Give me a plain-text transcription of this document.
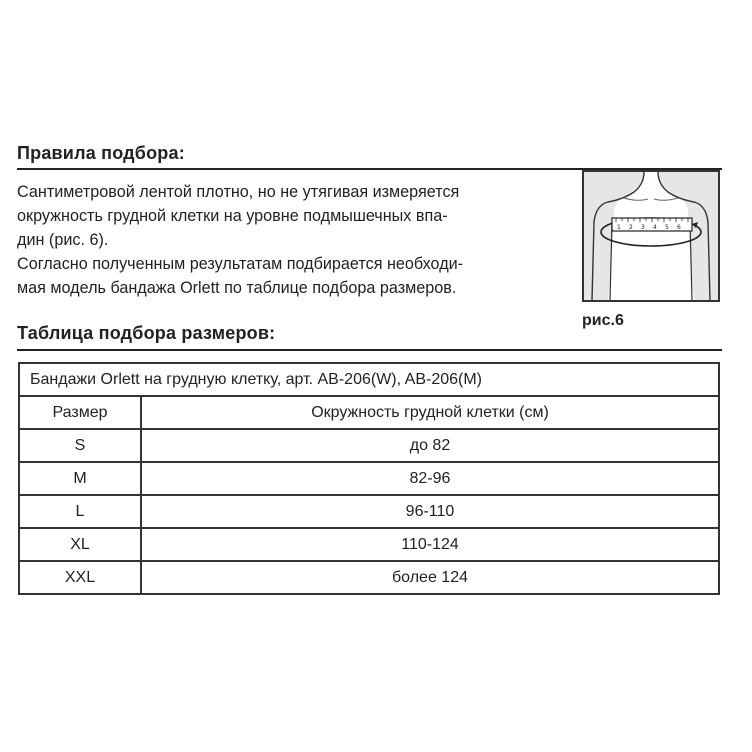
Правила подбора:

Сантиметровой лентой плотно, но не утягивая измеряется
окружность грудной клетки на уровне подмышечных впа-
дин (рис. 6).
Согласно полученным результатам подбирается необходи-
мая модель бандажа Orlett по таблице подбора размеров.

1 2 3 4 5 6
рис.6
Таблица подбора размеров:
Бандажи Orlett на грудную клетку, арт. AB-206(W), AB-206(M)	
Размер	Окружность грудной клетки (см)
S	до 82
M	82-96
L	96-110
XL	110-124
XXL	более 124
